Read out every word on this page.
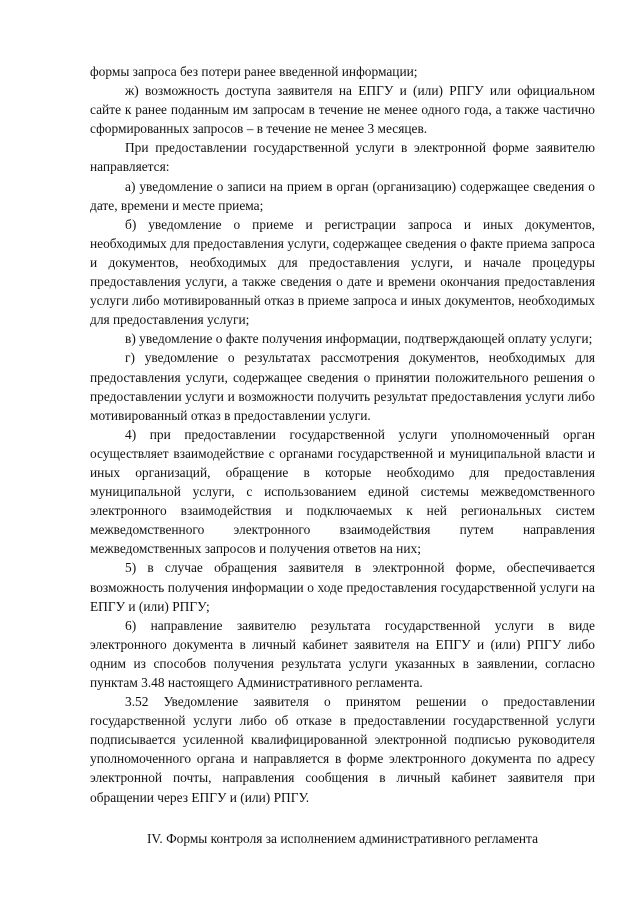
формы запроса без потери ранее введенной информации;

ж) возможность доступа заявителя на ЕПГУ и (или) РПГУ или официальном сайте к ранее поданным им запросам в течение не менее одного года, а также частично сформированных запросов – в течение не менее 3 месяцев.

При предоставлении государственной услуги в электронной форме заявителю направляется:

а) уведомление о записи на прием в орган (организацию) содержащее сведения о дате, времени и месте приема;

б) уведомление о приеме и регистрации запроса и иных документов, необходимых для предоставления услуги, содержащее сведения о факте приема запроса и документов, необходимых для предоставления услуги, и начале процедуры предоставления услуги, а также сведения о дате и времени окончания предоставления услуги либо мотивированный отказ в приеме запроса и иных документов, необходимых для предоставления услуги;

в) уведомление о факте получения информации, подтверждающей оплату услуги;

г) уведомление о результатах рассмотрения документов, необходимых для предоставления услуги, содержащее сведения о принятии положительного решения о предоставлении услуги и возможности получить результат предоставления услуги либо мотивированный отказ в предоставлении услуги.

4) при предоставлении государственной услуги уполномоченный орган осуществляет взаимодействие с органами государственной и муниципальной власти и иных организаций, обращение в которые необходимо для предоставления муниципальной услуги, с использованием единой системы межведомственного электронного взаимодействия и подключаемых к ней региональных систем межведомственного электронного взаимодействия путем направления межведомственных запросов и получения ответов на них;

5) в случае обращения заявителя в электронной форме, обеспечивается возможность получения информации о ходе предоставления государственной услуги на ЕПГУ и (или) РПГУ;

6) направление заявителю результата государственной услуги в виде электронного документа в личный кабинет заявителя на ЕПГУ и (или) РПГУ либо одним из способов получения результата услуги указанных в заявлении, согласно пунктам 3.48 настоящего Административного регламента.

3.52 Уведомление заявителя о принятом решении о предоставлении государственной услуги либо об отказе в предоставлении государственной услуги подписывается усиленной квалифицированной электронной подписью руководителя уполномоченного органа и направляется в форме электронного документа по адресу электронной почты, направления сообщения в личный кабинет заявителя при обращении через ЕПГУ и (или) РПГУ.

IV. Формы контроля за исполнением административного регламента
